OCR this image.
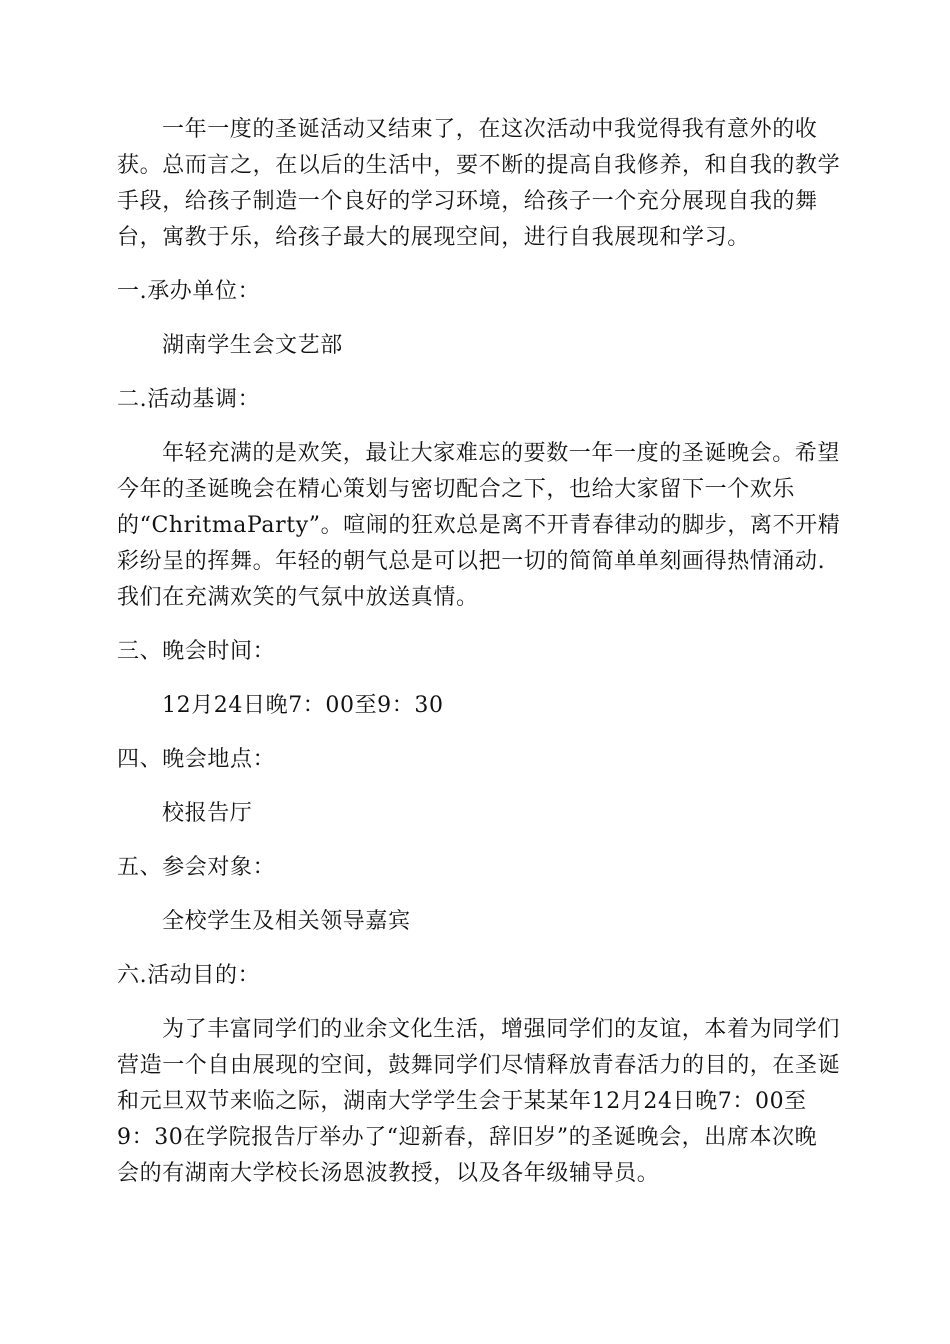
一年一度的圣诞活动又结束了，在这次活动中我觉得我有意外的收
获。总而言之，在以后的生活中，要不断的提高自我修养，和自我的教学
手段，给孩子制造一个良好的学习环境，给孩子一个充分展现自我的舞
台，寓教于乐，给孩子最大的展现空间，进行自我展现和学习。

一.承办单位：

湖南学生会文艺部

二.活动基调：

年轻充满的是欢笑，最让大家难忘的要数一年一度的圣诞晚会。希望
今年的圣诞晚会在精心策划与密切配合之下，也给大家留下一个欢乐
的“ChritmaParty”。喧闹的狂欢总是离不开青春律动的脚步，离不开精
彩纷呈的挥舞。年轻的朝气总是可以把一切的简简单单刻画得热情涌动.
我们在充满欢笑的气氛中放送真情。

三、晚会时间：

12月24日晚7：00至9：30

四、晚会地点：

校报告厅

五、参会对象：

全校学生及相关领导嘉宾

六.活动目的：

为了丰富同学们的业余文化生活，增强同学们的友谊，本着为同学们
营造一个自由展现的空间，鼓舞同学们尽情释放青春活力的目的，在圣诞
和元旦双节来临之际，湖南大学学生会于某某年12月24日晚7：00至
9：30在学院报告厅举办了“迎新春，辞旧岁”的圣诞晚会，出席本次晚
会的有湖南大学校长汤恩波教授，以及各年级辅导员。
